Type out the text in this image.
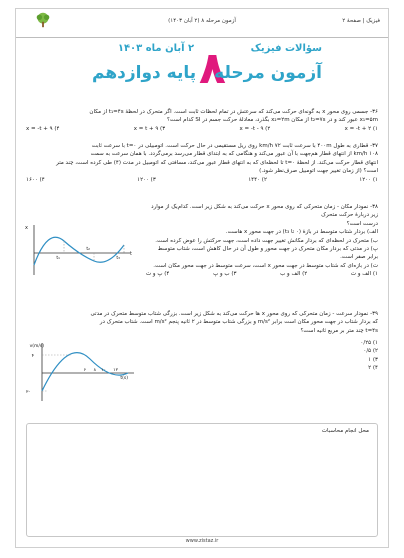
فیزیک | صفحهٔ ۲
آزمون مرحله ۸ (۲ آبان ۱۴۰۳)
۲ آبان ماه ۱۴۰۳	سؤالات فیزیک
۸
آزمون مرحله
پایه دوازدهم
۳۶- جسمی روی محور x به گونه‌ای حرکت می‌کند که سرعتش در تمام لحظات ثابت است. اگر متحرک در لحظهٔ t₁=۴s از مکان
x₁=۵m عبور کند و در t₂=۷s از مکان x₂=۲m بگذرد، معادلهٔ حرکت جسم در SI کدام است؟
۱) x = -t + ۲
۲) x = -t - ۹
۳) x = t + ۹
۴) x = -t + ۹
۳۷- قطاری به طول ۴۰۰m با سرعت ثابت ۷۲ km/h روی ریل مستقیمی در حال حرکت است. اتومبیلی در t=۰ با سرعت ثابت
۱۰۸ km/h از انتهای قطار هم‌جهت با آن عبور می‌کند و هنگامی که به ابتدای قطار می‌رسد برمی‌گردد. با همان سرعت به سمت
انتهای قطار حرکت می‌کند. از لحظهٔ t=۰ تا لحظه‌ای که به انتهای قطار عبور می‌کند، مسافتی که اتومبیل در مدت (۴) طی کرده است، چند متر
است؟ (از زمان تغییر جهت اتومبیل صرف‌نظر شود.)
۱) ۱۲۰۰
۲) ۱۴۴۰
۳) ۱۲۰۰
۴) ۱۶۰۰
۳۸- نمودار مکان - زمان متحرکی که روی محور x حرکت می‌کند به شکل زیر است. کدام‌یک از موارد زیر دربارهٔ حرکت متحرک
درست است؟
الف) بردار شتاب متوسط در بازهٔ (۰ تا t₃) در جهت محور x هاست.
ب) متحرک در لحظه‌ای که بردار مکانش تغییر جهت داده است، جهت حرکتش را عوض کرده است.
پ) در مدتی که بردار مکان متحرک در جهت محور و طول آن در حال کاهش است، شتاب متوسط
برابر صفر است.
ت) در بازه‌ای که شتاب متوسط در جهت محور x است، سرعت متوسط در جهت محور مکان است.
۱) الف و ت
۲) الف و ب
۳) ب و پ
۴) پ و ت
x
t₁
t₂
t₃
t
۳۹- نمودار سرعت - زمان متحرکی که روی محور x ها حرکت می‌کند به شکل زیر است. بزرگی شتاب متوسط متحرک در مدتی
که بردار شتاب در جهت محور مکان است برابر m/s² و بزرگی شتاب متوسط در ۲ ثانیه پنجم m/s² است. شتاب متحرک در
t=۴s چند متر بر مربع ثانیه است؟
۱) ۰/۲۵
۲) ۰/۵
۳) ۱
۴) ۲
v(m/s)
۴
-۲
۶ ۸ ۱۰ ۱۲
t(s)
محل انجام محاسبات
www.zistaz.ir
